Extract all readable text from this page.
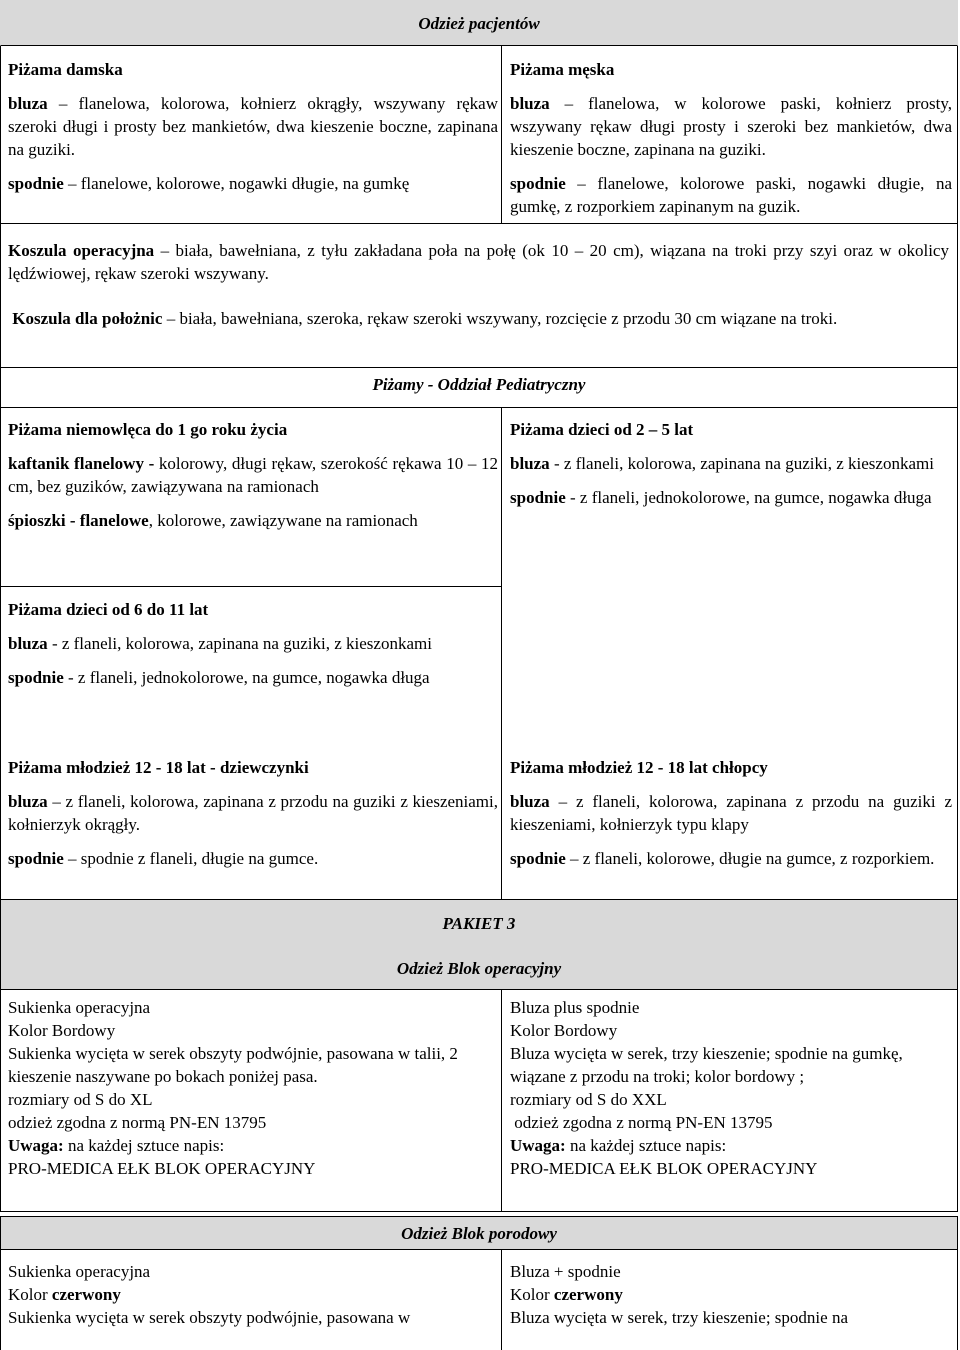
Odzież pacjentów

Piżama damska

bluza – flanelowa, kolorowa, kołnierz okrągły, wszywany rękaw szeroki długi i prosty bez mankietów, dwa kieszenie boczne, zapinana na guziki.

spodnie – flanelowe, kolorowe, nogawki długie, na gumkę

Piżama męska

bluza – flanelowa, w kolorowe paski, kołnierz prosty, wszywany rękaw długi prosty i szeroki bez mankietów, dwa kieszenie boczne, zapinana na guziki.

spodnie – flanelowe, kolorowe paski, nogawki długie, na gumkę, z rozporkiem zapinanym na guzik.

Koszula operacyjna – biała, bawełniana, z tyłu zakładana poła na połę (ok 10 – 20 cm), wiązana na troki przy szyi oraz w okolicy lędźwiowej, rękaw szeroki wszywany.
Koszula dla położnic – biała, bawełniana, szeroka, rękaw szeroki wszywany, rozcięcie z przodu 30 cm wiązane na troki.
Piżamy - Oddział Pediatryczny

Piżama niemowlęca do 1 go roku życia

kaftanik flanelowy - kolorowy, długi rękaw, szerokość rękawa 10 – 12 cm, bez guzików, zawiązywana na ramionach

śpioszki - flanelowe, kolorowe, zawiązywane na ramionach

Piżama dzieci od 2 – 5 lat

bluza - z flaneli, kolorowa, zapinana na guziki, z kieszonkami

spodnie - z flaneli, jednokolorowe, na gumce, nogawka długa

Piżama dzieci od 6 do 11 lat

bluza - z flaneli, kolorowa, zapinana na guziki, z kieszonkami

spodnie - z flaneli, jednokolorowe, na gumce, nogawka długa

Piżama młodzież 12 - 18 lat - dziewczynki

bluza – z flaneli, kolorowa, zapinana z przodu na guziki z kieszeniami, kołnierzyk okrągły.

spodnie – spodnie z flaneli, długie na gumce.

Piżama młodzież 12 - 18 lat chłopcy

bluza – z flaneli, kolorowa, zapinana z przodu na guziki z kieszeniami, kołnierzyk typu klapy

spodnie – z flaneli, kolorowe, długie na gumce, z rozporkiem.

PAKIET 3
Odzież Blok operacyjny

Sukienka operacyjna

Kolor Bordowy

Sukienka wycięta w serek obszyty podwójnie, pasowana w talii, 2 kieszenie naszywane po bokach poniżej pasa.

rozmiary od S do XL

odzież zgodna z normą PN-EN 13795

Uwaga: na każdej sztuce napis:

PRO-MEDICA EŁK BLOK OPERACYJNY

Bluza plus spodnie

Kolor Bordowy

Bluza wycięta w serek, trzy kieszenie; spodnie na gumkę, wiązane z przodu na troki; kolor bordowy ;

rozmiary od S do XXL

odzież zgodna z normą PN-EN 13795

Uwaga: na każdej sztuce napis:

PRO-MEDICA EŁK BLOK OPERACYJNY

Odzież Blok porodowy

Sukienka operacyjna

Kolor czerwony

Sukienka wycięta w serek obszyty podwójnie, pasowana w

Bluza + spodnie

Kolor czerwony

Bluza wycięta w serek, trzy kieszenie; spodnie na
